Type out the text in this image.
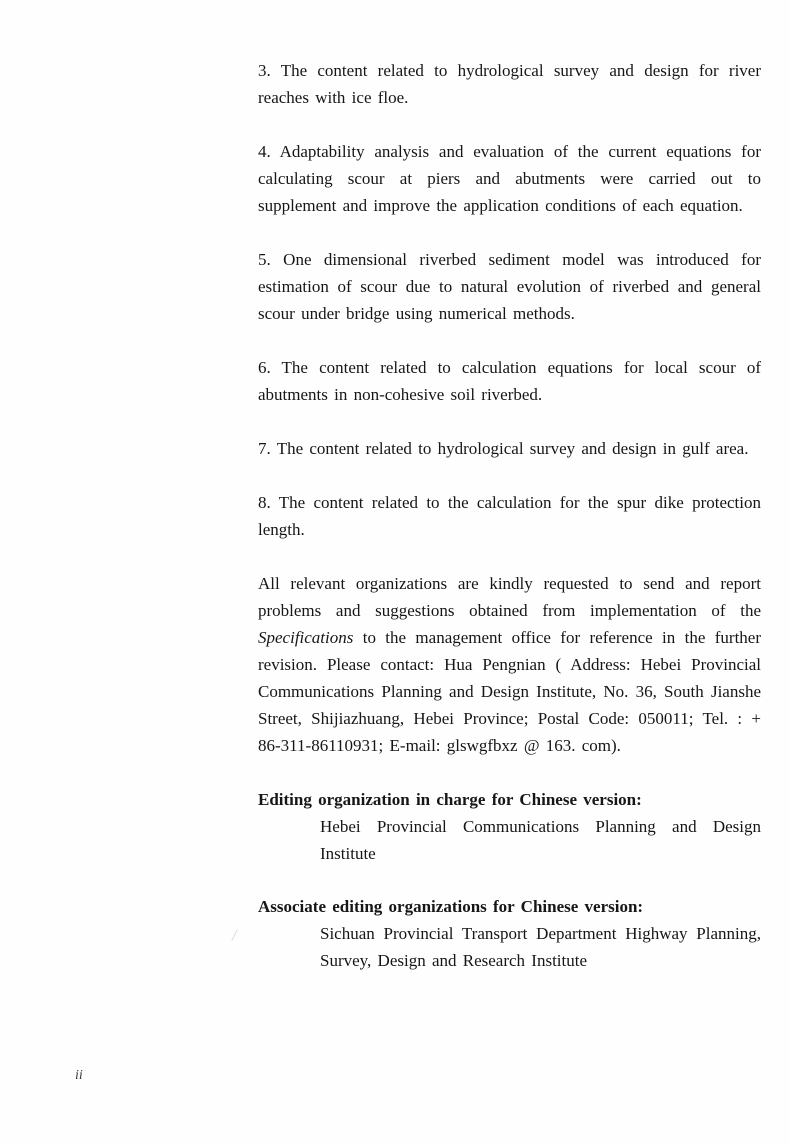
3. The content related to hydrological survey and design for river reaches with ice floe.

4. Adaptability analysis and evaluation of the current equations for calculating scour at piers and abutments were carried out to supplement and improve the application conditions of each equation.

5. One dimensional riverbed sediment model was introduced for estimation of scour due to natural evolution of riverbed and general scour under bridge using numerical methods.

6. The content related to calculation equations for local scour of abutments in non-cohesive soil riverbed.

7. The content related to hydrological survey and design in gulf area.

8. The content related to the calculation for the spur dike protection length.

All relevant organizations are kindly requested to send and report problems and suggestions obtained from implementation of the Specifications to the management office for reference in the further revision. Please contact: Hua Pengnian ( Address: Hebei Provincial Communications Planning and Design Institute, No. 36, South Jianshe Street, Shijiazhuang, Hebei Province; Postal Code: 050011; Tel. : + 86-311-86110931; E-mail: glswgfbxz @ 163. com).

Editing organization in charge for Chinese version:

Hebei Provincial Communications Planning and Design Institute

Associate editing organizations for Chinese version:

Sichuan Provincial Transport Department Highway Planning, Survey, Design and Research Institute

ii
/
